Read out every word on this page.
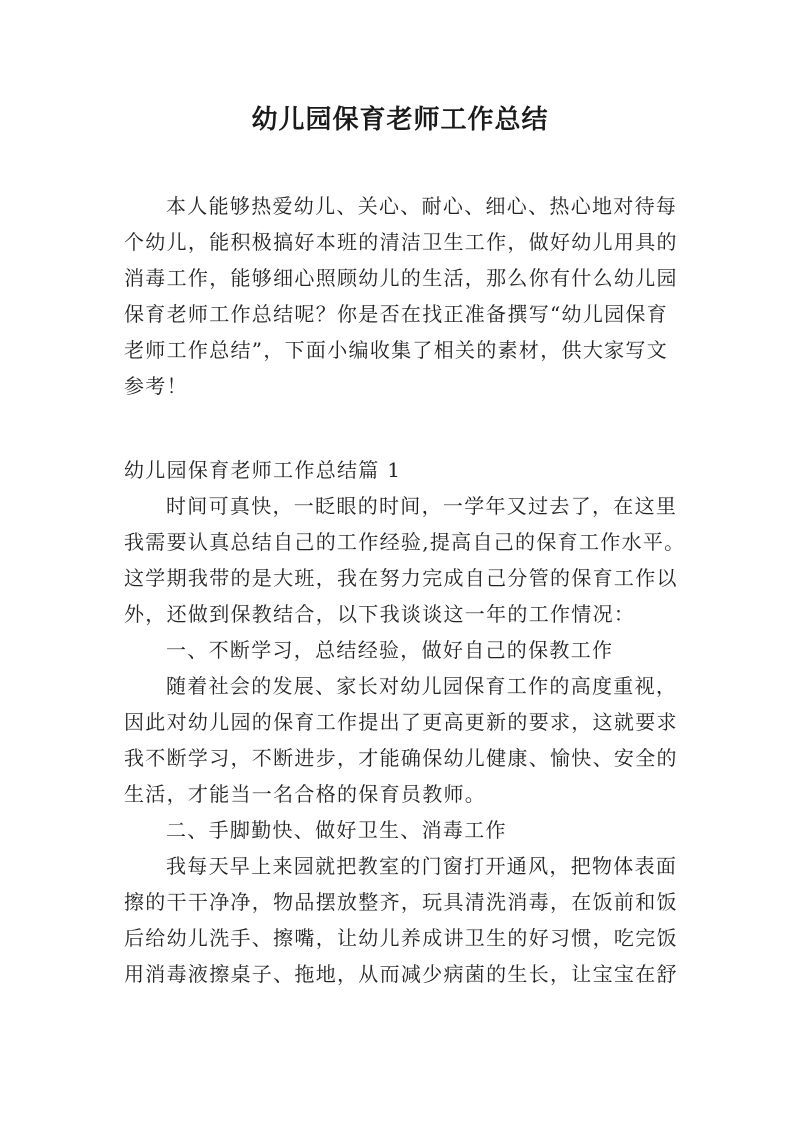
幼儿园保育老师工作总结
本人能够热爱幼儿、关心、耐心、细心、热心地对待每
个幼儿，能积极搞好本班的清洁卫生工作，做好幼儿用具的
消毒工作，能够细心照顾幼儿的生活，那么你有什么幼儿园
保育老师工作总结呢？你是否在找正准备撰写“幼儿园保育
老师工作总结”，下面小编收集了相关的素材，供大家写文
参考！
幼儿园保育老师工作总结篇 1
时间可真快，一眨眼的时间，一学年又过去了，在这里
我需要认真总结自己的工作经验,提高自己的保育工作水平。
这学期我带的是大班，我在努力完成自己分管的保育工作以
外，还做到保教结合，以下我谈谈这一年的工作情况：
一、不断学习，总结经验，做好自己的保教工作
随着社会的发展、家长对幼儿园保育工作的高度重视，
因此对幼儿园的保育工作提出了更高更新的要求，这就要求
我不断学习，不断进步，才能确保幼儿健康、愉快、安全的
生活，才能当一名合格的保育员教师。
二、手脚勤快、做好卫生、消毒工作
我每天早上来园就把教室的门窗打开通风，把物体表面
擦的干干净净，物品摆放整齐，玩具清洗消毒，在饭前和饭
后给幼儿洗手、擦嘴，让幼儿养成讲卫生的好习惯，吃完饭
用消毒液擦桌子、拖地，从而减少病菌的生长，让宝宝在舒
